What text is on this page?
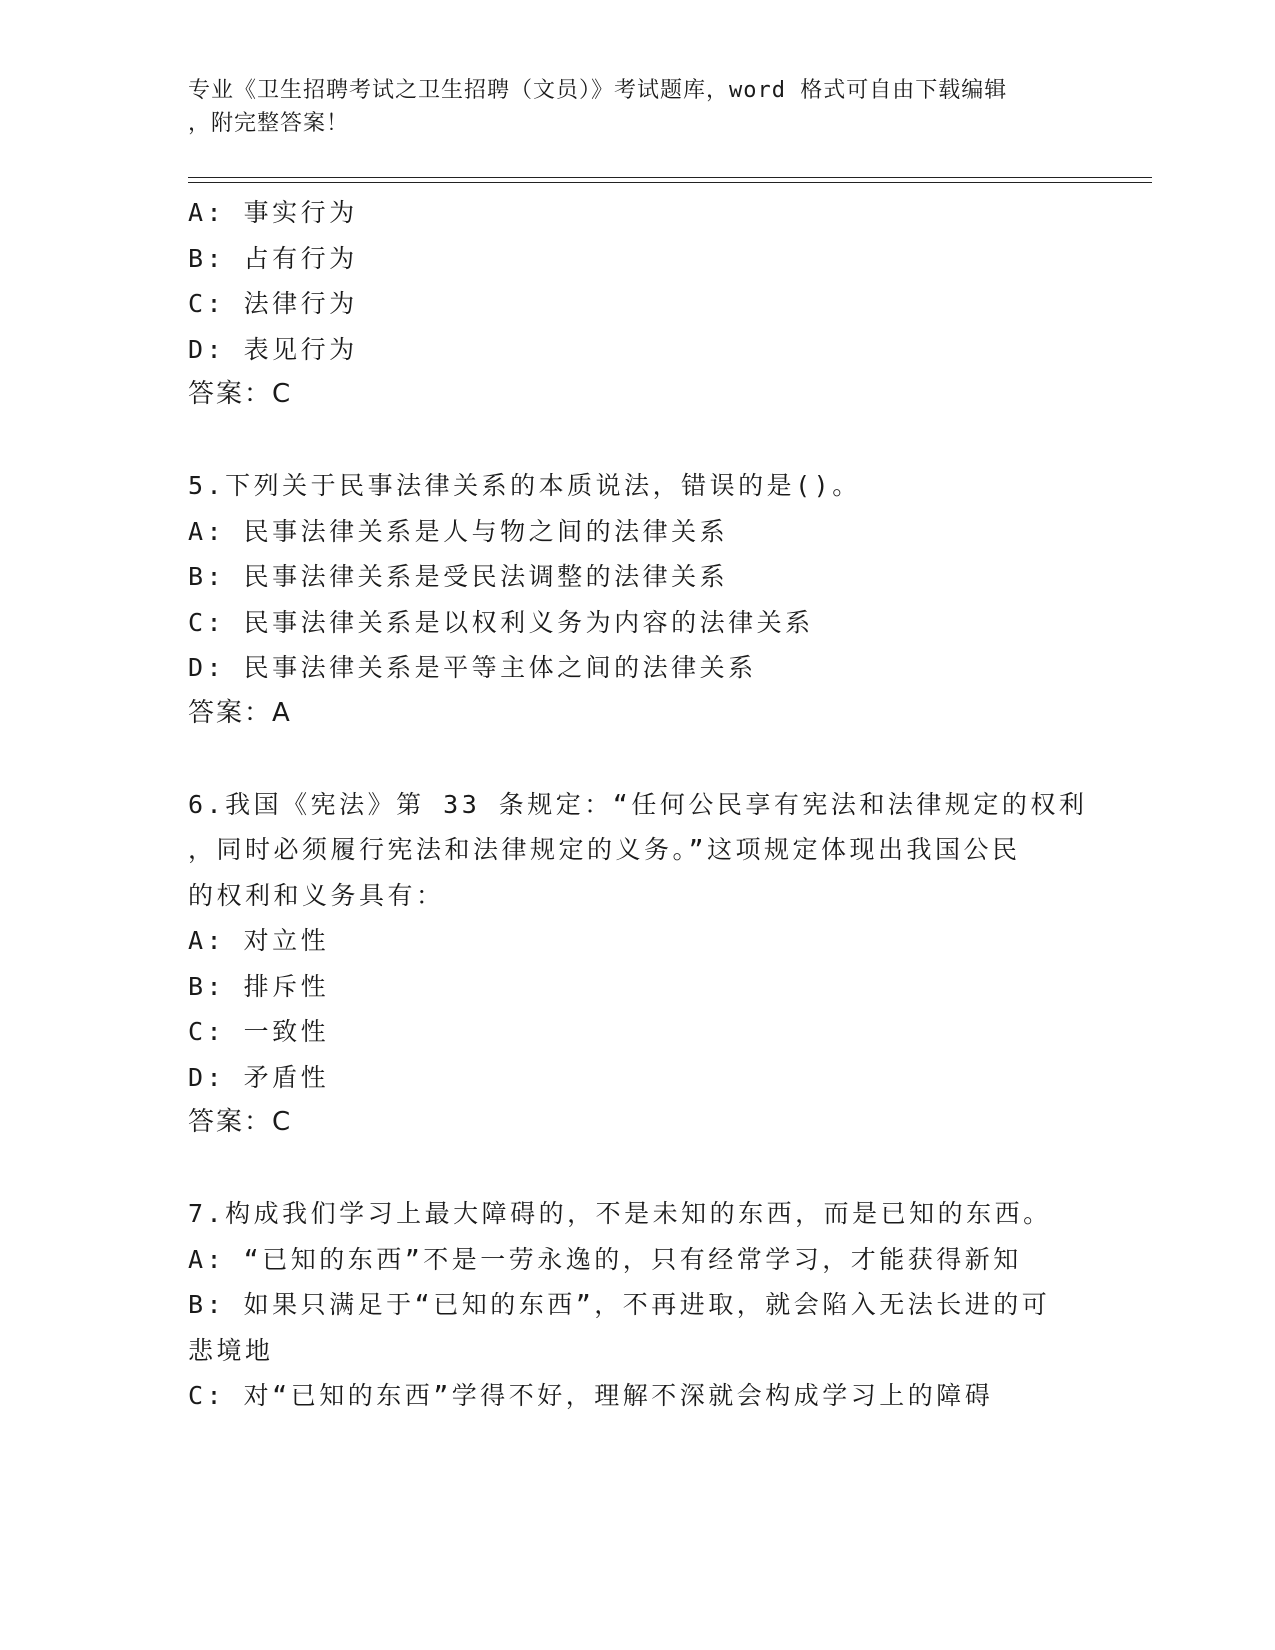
专业《卫生招聘考试之卫生招聘（文员）》考试题库，word 格式可自由下载编辑
，附完整答案！
A: 事实行为
B: 占有行为
C: 法律行为
D: 表见行为
答案：C
5.下列关于民事法律关系的本质说法，错误的是()。
A: 民事法律关系是人与物之间的法律关系
B: 民事法律关系是受民法调整的法律关系
C: 民事法律关系是以权利义务为内容的法律关系
D: 民事法律关系是平等主体之间的法律关系
答案：A
6.我国《宪法》第 33 条规定：“任何公民享有宪法和法律规定的权利
，同时必须履行宪法和法律规定的义务。”这项规定体现出我国公民
的权利和义务具有：
A: 对立性
B: 排斥性
C: 一致性
D: 矛盾性
答案：C
7.构成我们学习上最大障碍的，不是未知的东西，而是已知的东西。
A: “已知的东西”不是一劳永逸的，只有经常学习，才能获得新知
B: 如果只满足于“已知的东西”，不再进取，就会陷入无法长进的可
悲境地
C: 对“已知的东西”学得不好，理解不深就会构成学习上的障碍
